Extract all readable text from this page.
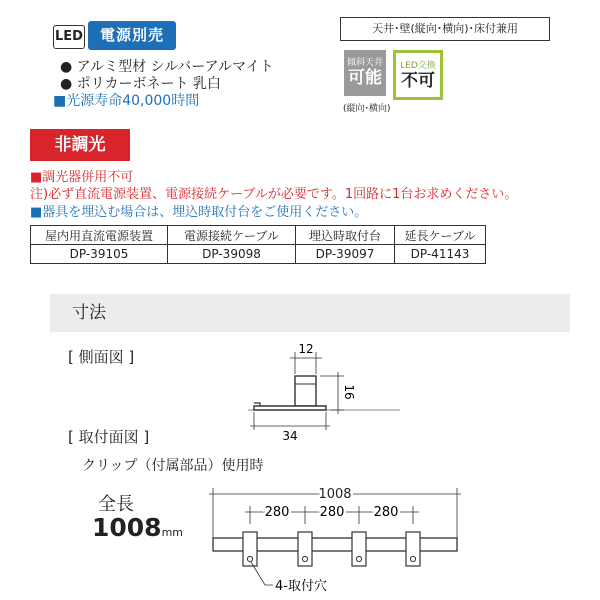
LED	電源別売
● アルミ型材 シルバーアルマイト
● ポリカーボネート 乳白
■光源寿命40,000時間
天井･壁(縦向･横向)･床付兼用
傾斜天井
可能
LED交換
不可
(縦向･横向)
非調光
■調光器併用不可
注)必ず直流電源装置、電源接続ケーブルが必要です。1回路に1台お求めください。
■器具を埋込む場合は、埋込時取付台をご使用ください。
屋内用直流電源装置	電源接続ケーブル	埋込時取付台	延長ケーブル
DP-39105	DP-39098	DP-39097	DP-41143
寸法
[ 側面図 ]
[ 取付面図 ]
クリップ（付属部品）使用時
全長
1008mm
12
16
34
1008
280 280 280
4-取付穴
